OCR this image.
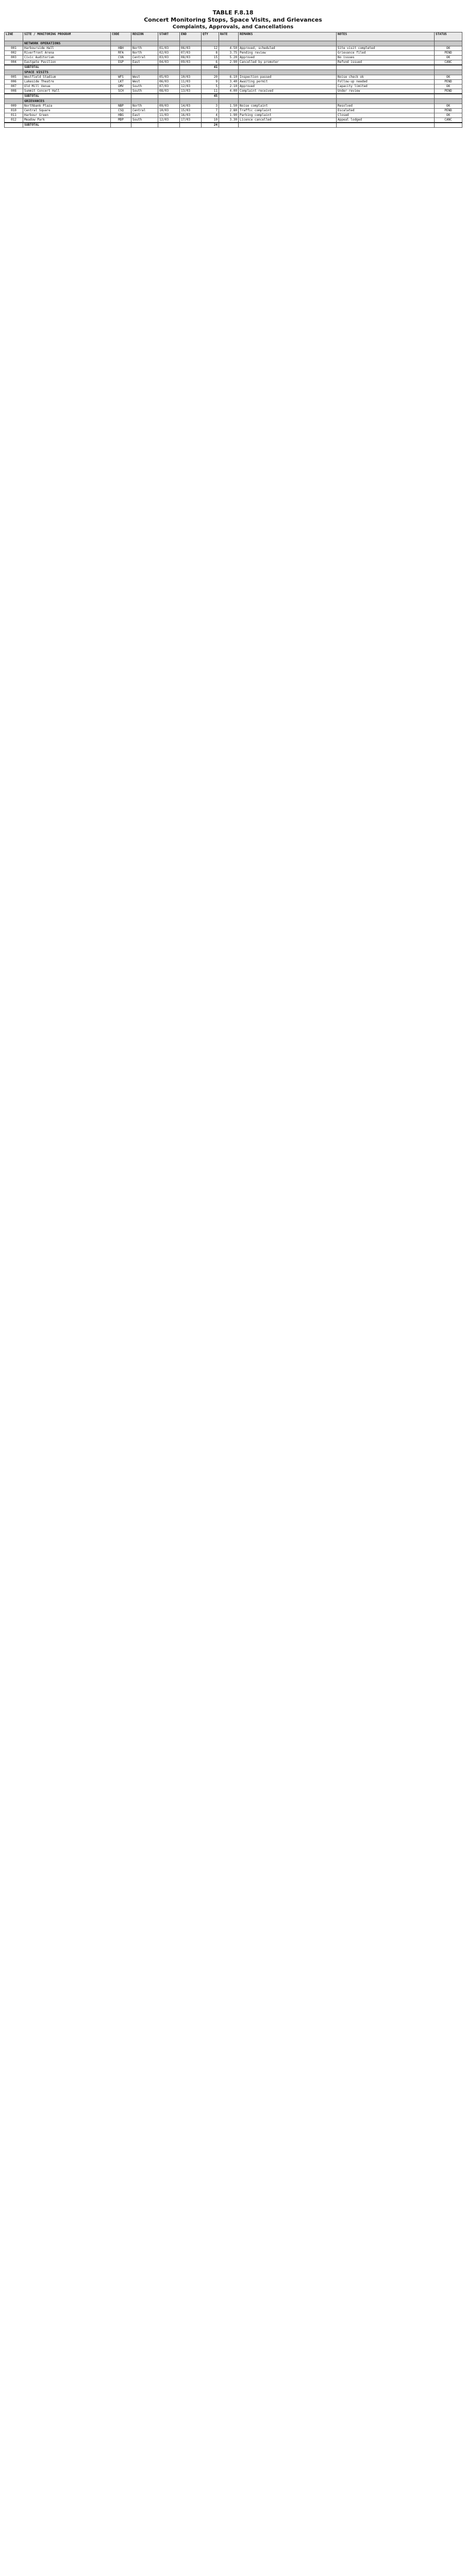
TABLE F.8.18
Concert Monitoring Stops, Space Visits, and Grievances
Complaints, Approvals, and Cancellations
LINE	SITE / MONITORING PROGRAM	CODE	REGION	START	END	QTY	RATE	REMARKS	NOTES	STATUS
	NETWORK OPERATIONS									
001	Harbourside Hall	HBH	North	01/03	06/03	12	4.50	Approved, scheduled	Site visit completed	OK
002	Riverfront Arena	RFA	North	02/03	07/03	8	3.75	Pending review	Grievance filed	PEND
003	Civic Auditorium	CVA	Central	03/03	08/03	15	5.20	Approved	No issues	OK
004	Eastgate Pavilion	EGP	East	04/03	09/03	6	2.90	Cancelled by promoter	Refund issued	CANC
	SUBTOTAL					41				
	SPACE VISITS									
005	Westfield Stadium	WFS	West	05/03	10/03	20	6.10	Inspection passed	Noise check ok	OK
006	Lakeside Theatre	LKT	West	06/03	11/03	9	3.40	Awaiting permit	Follow-up needed	PEND
007	Old Mill Venue	OMV	South	07/03	12/03	5	2.10	Approved	Capacity limited	OK
008	Summit Concert Hall	SCH	South	08/03	13/03	11	4.00	Complaint received	Under review	PEND
	SUBTOTAL					45				
	GRIEVANCES									
009	Northbank Plaza	NBP	North	09/03	14/03	3	1.50	Noise complaint	Resolved	OK
010	Central Square	CSQ	Central	10/03	15/03	7	2.80	Traffic complaint	Escalated	PEND
011	Harbour Green	HBG	East	11/03	16/03	4	1.90	Parking complaint	Closed	OK
012	Meadow Park	MDP	South	12/03	17/03	10	3.30	Licence cancelled	Appeal lodged	CANC
	SUBTOTAL					24				
